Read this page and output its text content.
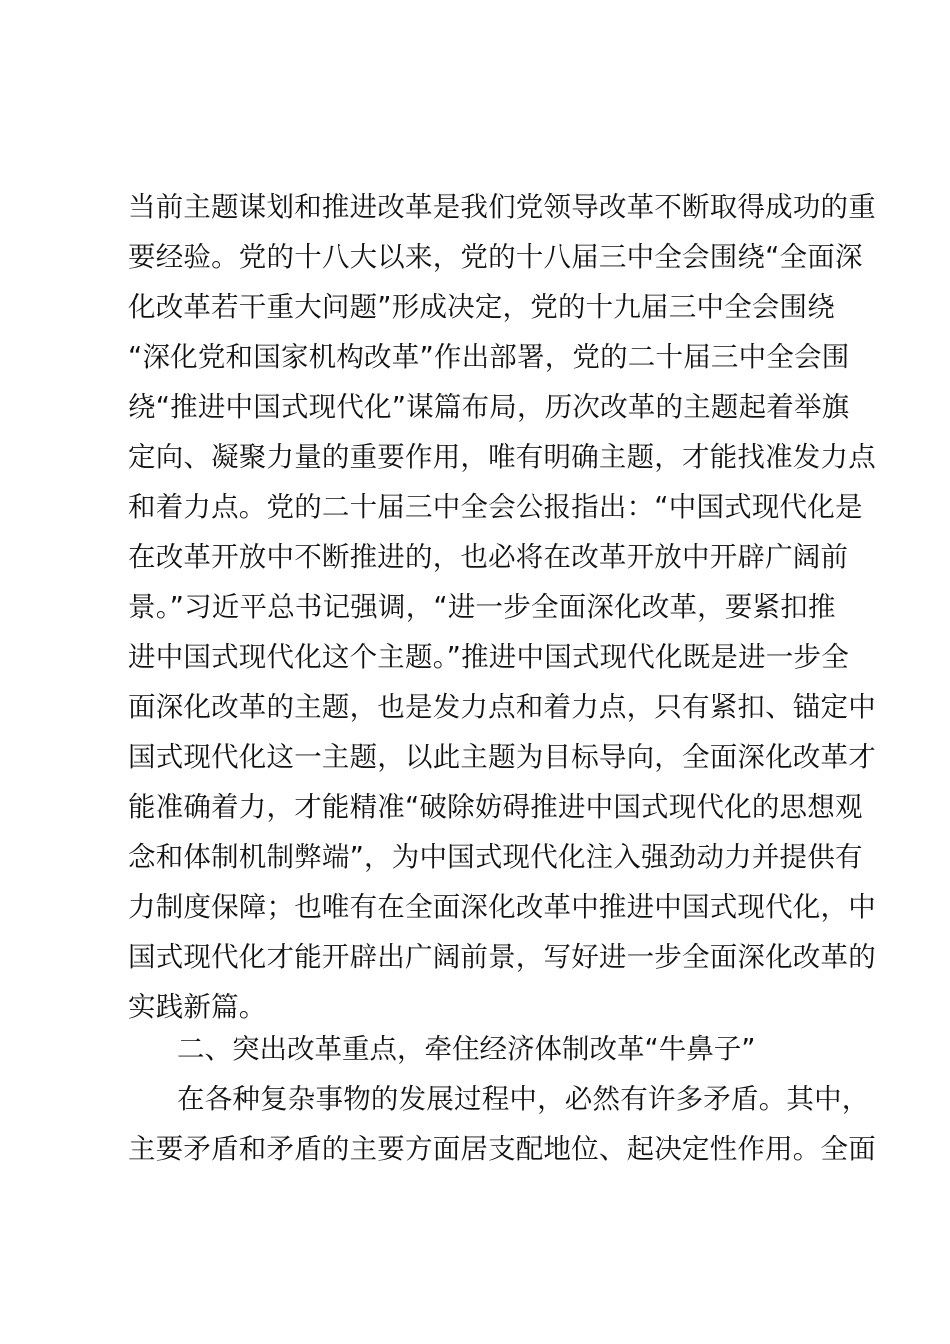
当前主题谋划和推进改革是我们党领导改革不断取得成功的重
要经验。党的十八大以来，党的十八届三中全会围绕“全面深
化改革若干重大问题”形成决定，党的十九届三中全会围绕
“深化党和国家机构改革”作出部署，党的二十届三中全会围
绕“推进中国式现代化”谋篇布局，历次改革的主题起着举旗
定向、凝聚力量的重要作用，唯有明确主题，才能找准发力点
和着力点。党的二十届三中全会公报指出：“中国式现代化是
在改革开放中不断推进的，也必将在改革开放中开辟广阔前
景。”习近平总书记强调，“进一步全面深化改革，要紧扣推
进中国式现代化这个主题。”推进中国式现代化既是进一步全
面深化改革的主题，也是发力点和着力点，只有紧扣、锚定中
国式现代化这一主题，以此主题为目标导向，全面深化改革才
能准确着力，才能精准“破除妨碍推进中国式现代化的思想观
念和体制机制弊端”，为中国式现代化注入强劲动力并提供有
力制度保障；也唯有在全面深化改革中推进中国式现代化，中
国式现代化才能开辟出广阔前景，写好进一步全面深化改革的
实践新篇。
二、突出改革重点，牵住经济体制改革“牛鼻子”
在各种复杂事物的发展过程中，必然有许多矛盾。其中，
主要矛盾和矛盾的主要方面居支配地位、起决定性作用。全面
